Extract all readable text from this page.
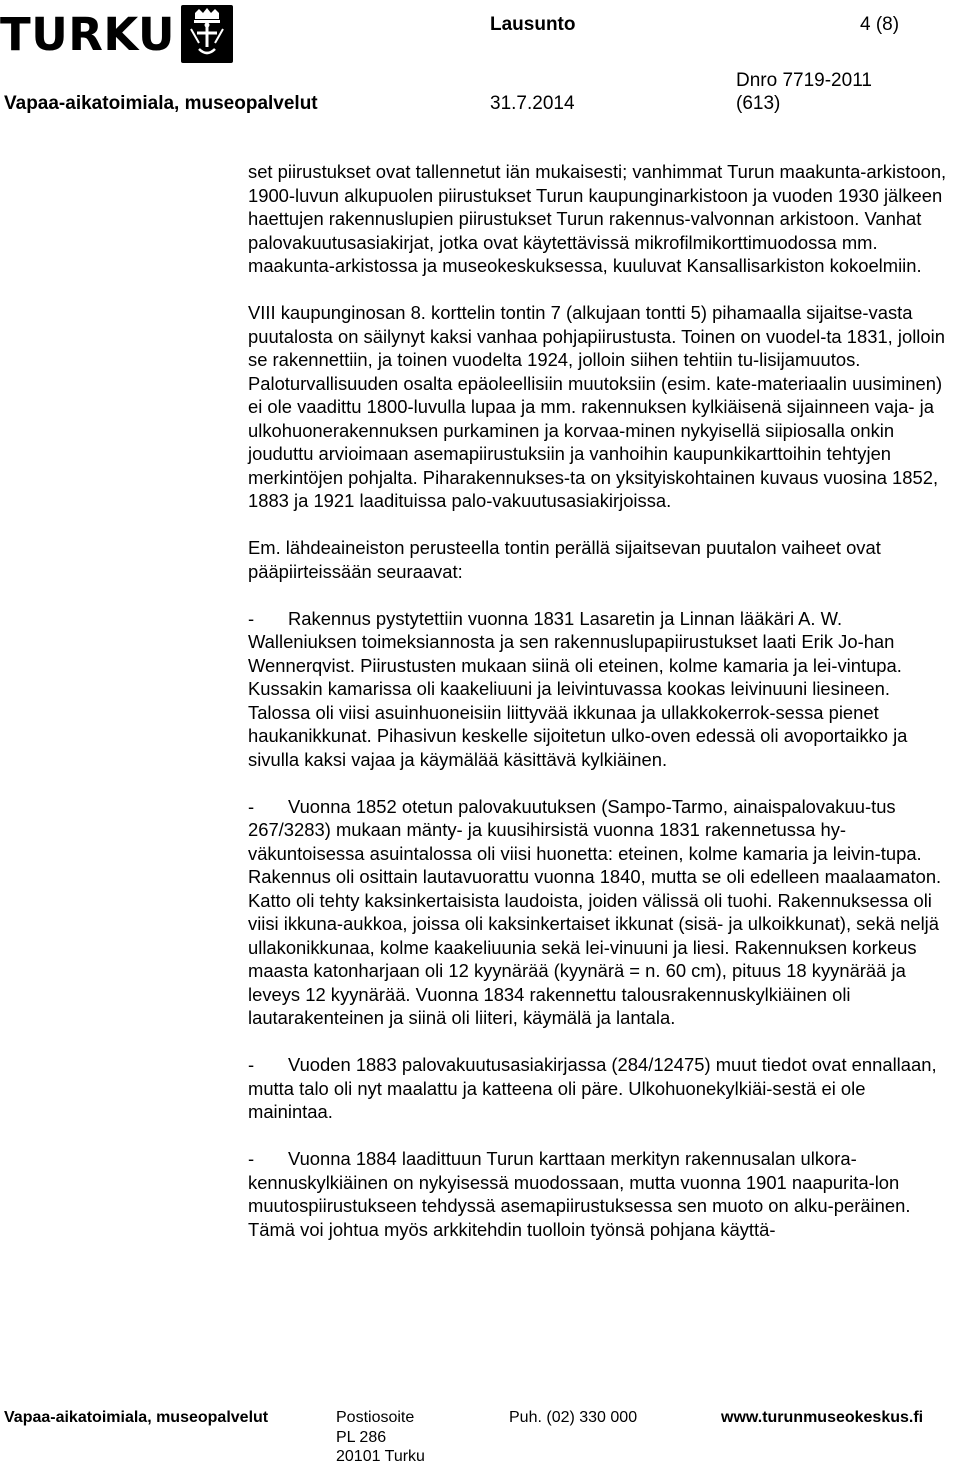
TURKU	Lausunto	4 (8)
Dnro 7719-2011
Vapaa-aikatoimiala, museopalvelut	31.7.2014	(613)

set piirustukset ovat tallennetut iän mukaisesti; vanhimmat Turun maakunta-arkistoon, 1900-luvun alkupuolen piirustukset Turun kaupunginarkistoon ja vuoden 1930 jälkeen haettujen rakennuslupien piirustukset Turun rakennus-valvonnan arkistoon. Vanhat palovakuutusasiakirjat, jotka ovat käytettävissä mikrofilmikorttimuodossa mm. maakunta-arkistossa ja museokeskuksessa, kuuluvat Kansallisarkiston kokoelmiin.

VIII kaupunginosan 8. korttelin tontin 7 (alkujaan tontti 5) pihamaalla sijaitse-vasta puutalosta on säilynyt kaksi vanhaa pohjapiirustusta. Toinen on vuodel-ta 1831, jolloin se rakennettiin, ja toinen vuodelta 1924, jolloin siihen tehtiin tu-lisijamuutos. Paloturvallisuuden osalta epäoleellisiin muutoksiin (esim. kate-materiaalin uusiminen) ei ole vaadittu 1800-luvulla lupaa ja mm. rakennuksen kylkiäisenä sijainneen vaja- ja ulkohuonerakennuksen purkaminen ja korvaa-minen nykyisellä siipiosalla onkin jouduttu arvioimaan asemapiirustuksiin ja vanhoihin kaupunkikarttoihin tehtyjen merkintöjen pohjalta. Piharakennukses-ta on yksityiskohtainen kuvaus vuosina 1852, 1883 ja 1921 laadituissa palo-vakuutusasiakirjoissa.

Em. lähdeaineiston perusteella tontin perällä sijaitsevan puutalon vaiheet ovat pääpiirteissään seuraavat:

- Rakennus pystytettiin vuonna 1831 Lasaretin ja Linnan lääkäri A. W. Walleniuksen toimeksiannosta ja sen rakennuslupapiirustukset laati Erik Jo-han Wennerqvist. Piirustusten mukaan siinä oli eteinen, kolme kamaria ja lei-vintupa. Kussakin kamarissa oli kaakeliuuni ja leivintuvassa kookas leivinuuni liesineen. Talossa oli viisi asuinhuoneisiin liittyvää ikkunaa ja ullakkokerrok-sessa pienet haukanikkunat. Pihasivun keskelle sijoitetun ulko-oven edessä oli avoportaikko ja sivulla kaksi vajaa ja käymälää käsittävä kylkiäinen.

- Vuonna 1852 otetun palovakuutuksen (Sampo-Tarmo, ainaispalovakuu-tus 267/3283) mukaan mänty- ja kuusihirsistä vuonna 1831 rakennetussa hy-väkuntoisessa asuintalossa oli viisi huonetta: eteinen, kolme kamaria ja leivin-tupa. Rakennus oli osittain lautavuorattu vuonna 1840, mutta se oli edelleen maalaamaton. Katto oli tehty kaksinkertaisista laudoista, joiden välissä oli tuohi. Rakennuksessa oli viisi ikkuna-aukkoa, joissa oli kaksinkertaiset ikkunat (sisä- ja ulkoikkunat), sekä neljä ullakonikkunaa, kolme kaakeliuunia sekä lei-vinuuni ja liesi. Rakennuksen korkeus maasta katonharjaan oli 12 kyynärää (kyynärä = n. 60 cm), pituus 18 kyynärää ja leveys 12 kyynärää. Vuonna 1834 rakennettu talousrakennuskylkiäinen oli lautarakenteinen ja siinä oli liiteri, käymälä ja lantala.

- Vuoden 1883 palovakuutusasiakirjassa (284/12475) muut tiedot ovat ennallaan, mutta talo oli nyt maalattu ja katteena oli päre. Ulkohuonekylkiäi-sestä ei ole mainintaa.

- Vuonna 1884 laadittuun Turun karttaan merkityn rakennusalan ulkora-kennuskylkiäinen on nykyisessä muodossaan, mutta vuonna 1901 naapurita-lon muutospiirustukseen tehdyssä asemapiirustuksessa sen muoto on alku-peräinen. Tämä voi johtua myös arkkitehdin tuolloin työnsä pohjana käyttä-

Vapaa-aikatoimiala, museopalvelut	Postiosoite
PL 286
20101 Turku
Puh. (02) 330 000	www.turunmuseokeskus.fi
